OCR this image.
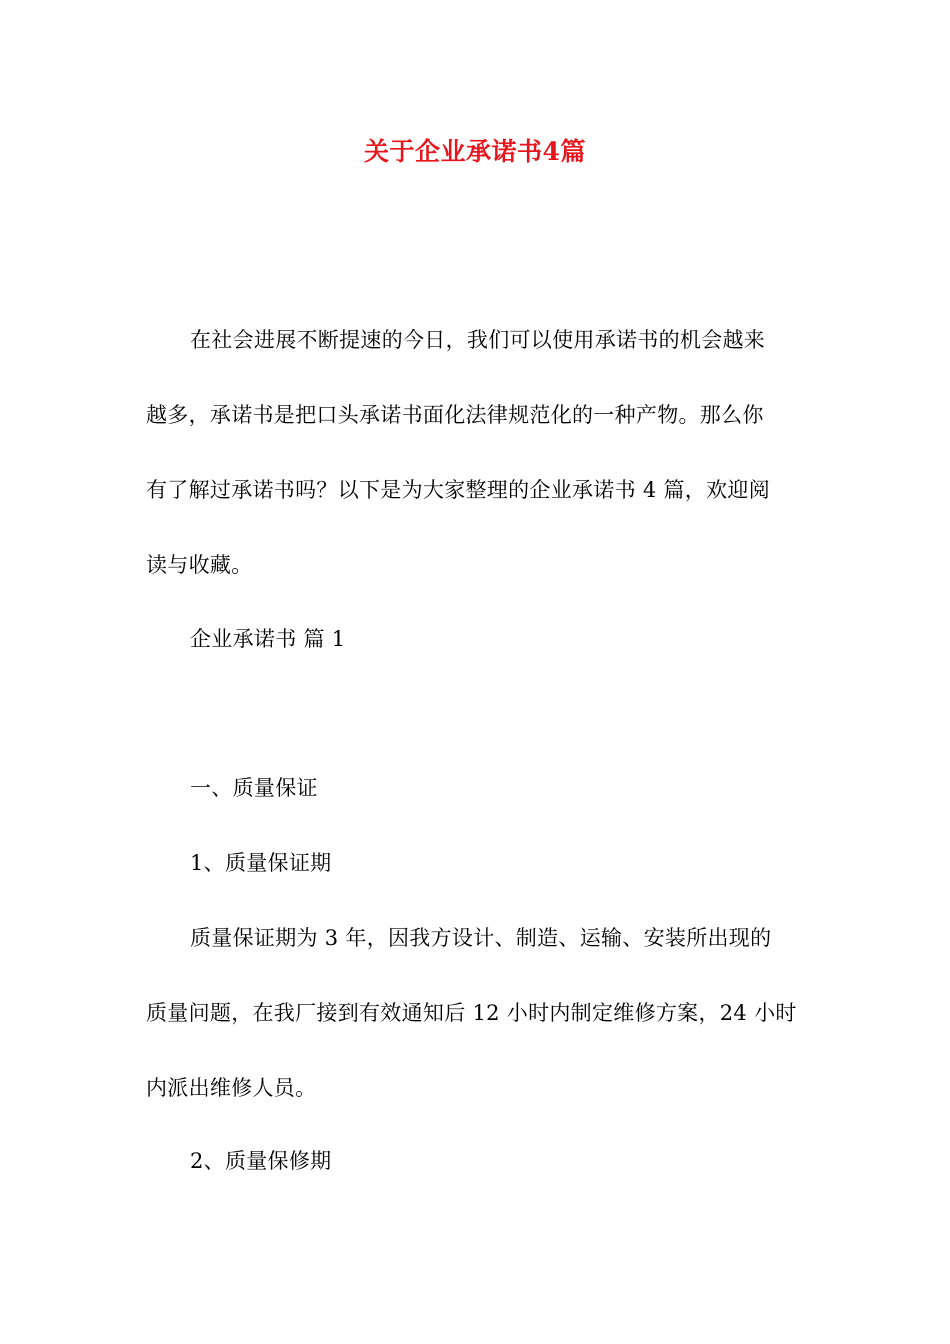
关于企业承诺书4篇
在社会进展不断提速的今日，我们可以使用承诺书的机会越来
越多，承诺书是把口头承诺书面化法律规范化的一种产物。那么你
有了解过承诺书吗？以下是为大家整理的企业承诺书 4 篇，欢迎阅
读与收藏。
企业承诺书 篇 1
一、质量保证
1、质量保证期
质量保证期为 3 年，因我方设计、制造、运输、安装所出现的
质量问题，在我厂接到有效通知后 12 小时内制定维修方案，24 小时
内派出维修人员。
2、质量保修期
